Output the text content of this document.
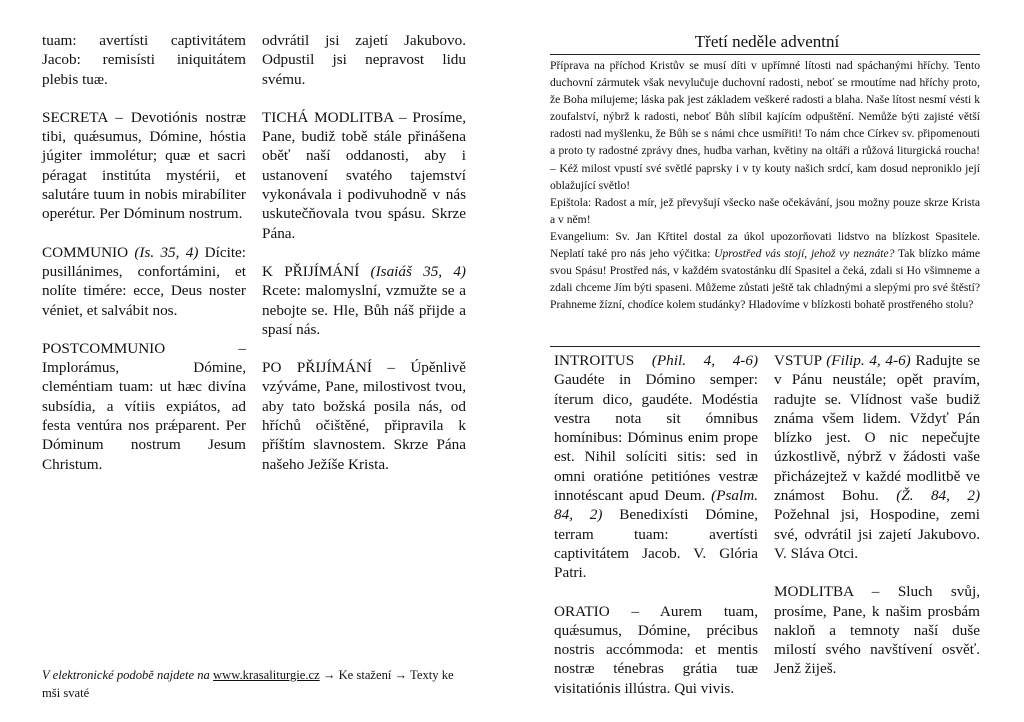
tuam: avertísti captivitátem Jacob: remisísti iniquitátem plebis tuæ.
SECRETA – Devotiónis nostræ tibi, quǽsumus, Dómine, hóstia júgiter immolétur; quæ et sacri péragat institúta mystérii, et salutáre tuum in nobis mirabíliter operétur. Per Dóminum nostrum.
COMMUNIO (Is. 35, 4) Dícite: pusillánimes, confortámini, et nolíte timére: ecce, Deus noster véniet, et salvábit nos.
POSTCOMMUNIO – Implorámus, Dómine, cleméntiam tuam: ut hæc divína subsídia, a vítiis expiátos, ad festa ventúra nos prǽparent. Per Dóminum nostrum Jesum Christum.
odvrátil jsi zajetí Jakubovo. Odpustil jsi nepravost lidu svému.
TICHÁ MODLITBA – Prosíme, Pane, budiž tobě stále přinášena oběť naší oddanosti, aby i ustanovení svatého tajemství vykonávala i podivuhodně v nás uskutečňovala tvou spásu. Skrze Pána.
K PŘIJÍMÁNÍ (Isaiáš 35, 4) Rcete: malomyslní, vzmužte se a nebojte se. Hle, Bůh náš přijde a spasí nás.
PO PŘIJÍMÁNÍ – Úpěnlivě vzýváme, Pane, milostivost tvou, aby tato božská posila nás, od hříchů očištěné, připravila k příštím slavnostem. Skrze Pána našeho Ježíše Krista.
V elektronické podobě najdete na www.krasaliturgie.cz → Ke stažení → Texty ke mši svaté
Třetí neděle adventní

Příprava na příchod Kristův se musí díti v upřímné lítosti nad spáchanými hříchy. Tento duchovní zármutek však nevylučuje duchovní radosti, neboť se rmoutíme nad hříchy proto, že Boha milujeme; láska pak jest základem veškeré radosti a blaha. Naše lítost nesmí vésti k zoufalství, nýbrž k radosti, neboť Bůh slíbil kajícím odpuštění. Nemůže býti zajisté větší radosti nad myšlenku, že Bůh se s námi chce usmířiti! To nám chce Církev sv. připomenouti a proto ty radostné zprávy dnes, hudba varhan, květiny na oltáři a růžová liturgická roucha! – Kéž milost vpustí své světlé paprsky i v ty kouty našich srdcí, kam dosud neproniklo její oblažující světlo!

Epištola: Radost a mír, jež převyšují všecko naše očekávání, jsou možny pouze skrze Krista a v něm!

Evangelium: Sv. Jan Křtitel dostal za úkol upozorňovati lidstvo na blízkost Spasitele. Neplatí také pro nás jeho výčitka: Uprostřed vás stojí, jehož vy neznáte? Tak blízko máme svou Spásu! Prostřed nás, v každém svatostánku dlí Spasitel a čeká, zdali si Ho všimneme a zdali chceme Jím býti spaseni. Můžeme zůstati ještě tak chladnými a slepými pro své štěstí? Prahneme žízní, chodíce kolem studánky? Hladovíme v blízkosti bohatě prostřeného stolu?

INTROITUS (Phil. 4, 4-6) Gaudéte in Dómino semper: íterum dico, gaudéte. Modéstia vestra nota sit ómnibus homínibus: Dóminus enim prope est. Nihil solíciti sitis: sed in omni oratióne petitiónes vestræ innotéscant apud Deum. (Psalm. 84, 2) Benedixísti Dómine, terram tuam: avertísti captivitátem Jacob. V. Glória Patri.
ORATIO – Aurem tuam, quǽsumus, Dómine, précibus nostris accómmoda: et mentis nostræ ténebras grátia tuæ visitatiónis illústra. Qui vivis.
VSTUP (Filip. 4, 4-6) Radujte se v Pánu neustále; opět pravím, radujte se. Vlídnost vaše budiž známa všem lidem. Vždyť Pán blízko jest. O nic nepečujte úzkostlivě, nýbrž v žádosti vaše přicházejtež v každé modlitbě ve známost Bohu. (Ž. 84, 2) Požehnal jsi, Hospodine, zemi své, odvrátil jsi zajetí Jakubovo. V. Sláva Otci.
MODLITBA – Sluch svůj, prosíme, Pane, k našim prosbám nakloň a temnoty naší duše milostí svého navštívení osvěť. Jenž žiješ.
